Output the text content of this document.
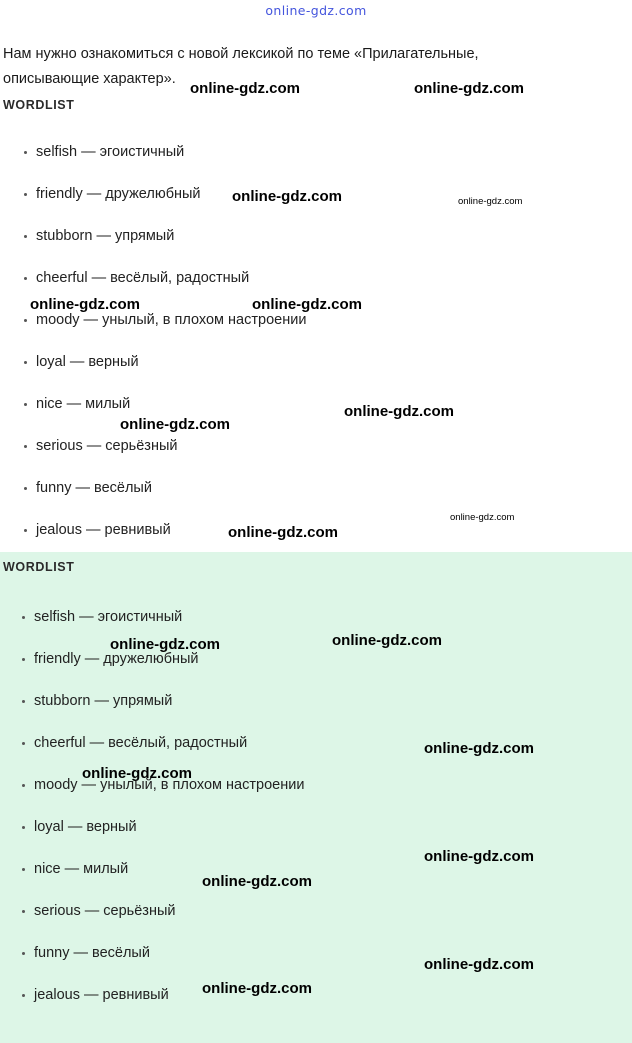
online-gdz.com

Нам нужно ознакомиться с новой лексикой по теме «Прилагательные, описывающие характер».

WORDLIST
selfish — эгоистичный
friendly — дружелюбный
stubborn — упрямый
cheerful — весёлый, радостный
moody — унылый, в плохом настроении
loyal — верный
nice — милый
serious — серьёзный
funny — весёлый
jealous — ревнивый
WORDLIST
selfish — эгоистичный
friendly — дружелюбный
stubborn — упрямый
cheerful — весёлый, радостный
moody — унылый, в плохом настроении
loyal — верный
nice — милый
serious — серьёзный
funny — весёлый
jealous — ревнивый
online-gdz.com	online-gdz.com
online-gdz.com	online-gdz.com
online-gdz.com	online-gdz.com
online-gdz.com
online-gdz.com
online-gdz.com
online-gdz.com
online-gdz.com
online-gdz.com
online-gdz.com
online-gdz.com
online-gdz.com
online-gdz.com
online-gdz.com
online-gdz.com
